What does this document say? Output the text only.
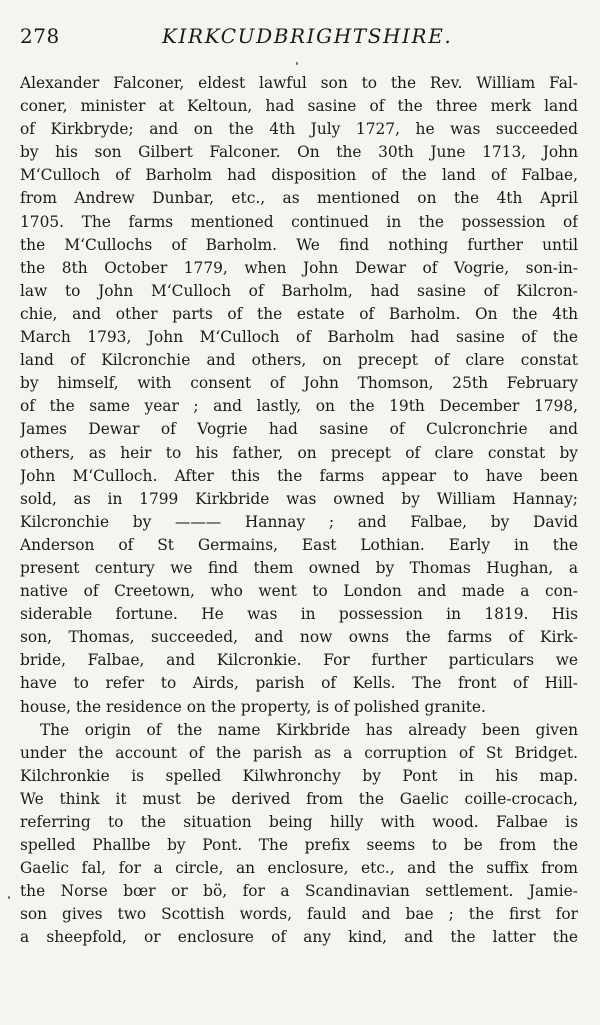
278	KIRKCUDBRIGHTSHIRE.
Alexander Falconer, eldest lawful son to the Rev. William Fal-
coner, minister at Keltoun, had sasine of the three merk land
of Kirkbryde; and on the 4th July 1727, he was succeeded
by his son Gilbert Falconer. On the 30th June 1713, John
M‘Culloch of Barholm had disposition of the land of Falbae,
from Andrew Dunbar, etc., as mentioned on the 4th April
1705. The farms mentioned continued in the possession of
the M‘Cullochs of Barholm. We find nothing further until
the 8th October 1779, when John Dewar of Vogrie, son-in-
law to John M‘Culloch of Barholm, had sasine of Kilcron-
chie, and other parts of the estate of Barholm. On the 4th
March 1793, John M‘Culloch of Barholm had sasine of the
land of Kilcronchie and others, on precept of clare constat
by himself, with consent of John Thomson, 25th February
of the same year ; and lastly, on the 19th December 1798,
James Dewar of Vogrie had sasine of Culcronchrie and
others, as heir to his father, on precept of clare constat by
John M‘Culloch. After this the farms appear to have been
sold, as in 1799 Kirkbride was owned by William Hannay;
Kilcronchie by ——— Hannay ; and Falbae, by David
Anderson of St Germains, East Lothian. Early in the
present century we find them owned by Thomas Hughan, a
native of Creetown, who went to London and made a con-
siderable fortune. He was in possession in 1819. His
son, Thomas, succeeded, and now owns the farms of Kirk-
bride, Falbae, and Kilcronkie. For further particulars we
have to refer to Airds, parish of Kells. The front of Hill-
house, the residence on the property, is of polished granite.
The origin of the name Kirkbride has already been given
under the account of the parish as a corruption of St Bridget.
Kilchronkie is spelled Kilwhronchy by Pont in his map.
We think it must be derived from the Gaelic coille-crocach,
referring to the situation being hilly with wood. Falbae is
spelled Phallbe by Pont. The prefix seems to be from the
Gaelic fal, for a circle, an enclosure, etc., and the suffix from
the Norse bœr or bö, for a Scandinavian settlement. Jamie-
son gives two Scottish words, fauld and bae ; the first for
a sheepfold, or enclosure of any kind, and the latter the
